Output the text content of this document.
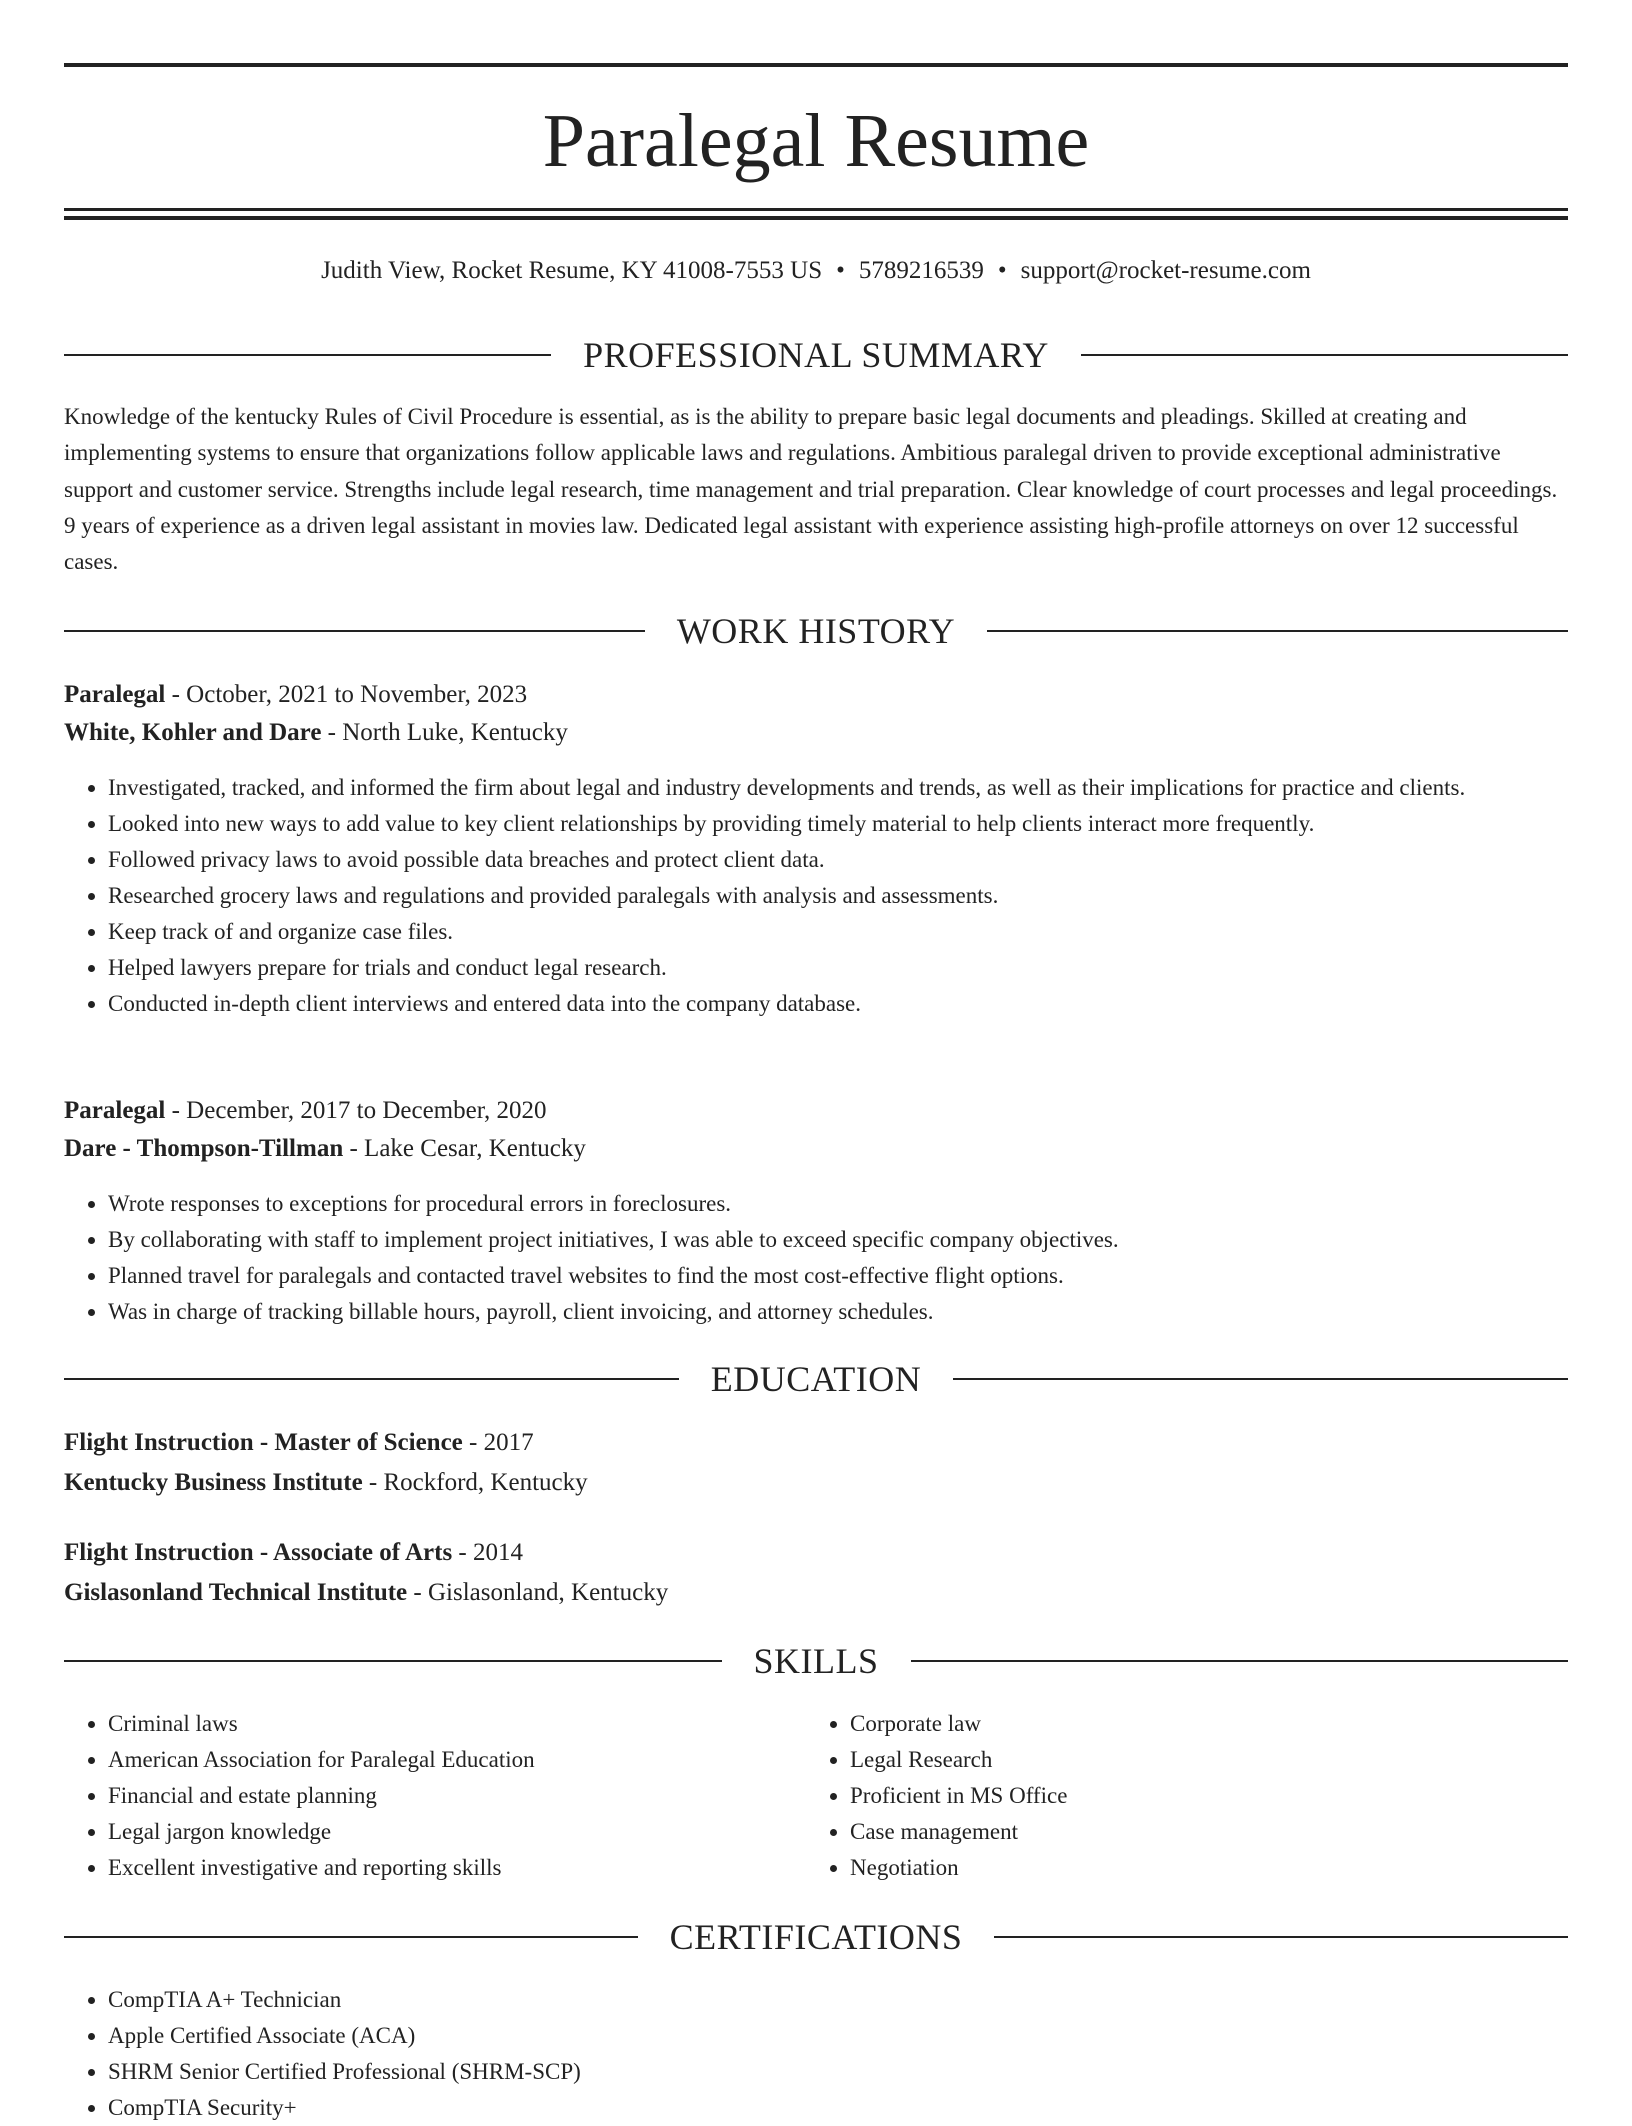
Paralegal Resume
Judith View, Rocket Resume, KY 41008-7553 US • 5789216539 • support@rocket-resume.com
PROFESSIONAL SUMMARY

Knowledge of the kentucky Rules of Civil Procedure is essential, as is the ability to prepare basic legal documents and pleadings. Skilled at creating and implementing systems to ensure that organizations follow applicable laws and regulations. Ambitious paralegal driven to provide exceptional administrative support and customer service. Strengths include legal research, time management and trial preparation. Clear knowledge of court processes and legal proceedings. 9 years of experience as a driven legal assistant in movies law. Dedicated legal assistant with experience assisting high-profile attorneys on over 12 successful cases.

WORK HISTORY
Paralegal - October, 2021 to November, 2023
White, Kohler and Dare - North Luke, Kentucky
• Investigated, tracked, and informed the firm about legal and industry developments and trends, as well as their implications for practice and clients.
• Looked into new ways to add value to key client relationships by providing timely material to help clients interact more frequently.
• Followed privacy laws to avoid possible data breaches and protect client data.
• Researched grocery laws and regulations and provided paralegals with analysis and assessments.
• Keep track of and organize case files.
• Helped lawyers prepare for trials and conduct legal research.
• Conducted in-depth client interviews and entered data into the company database.
Paralegal - December, 2017 to December, 2020
Dare - Thompson-Tillman - Lake Cesar, Kentucky
• Wrote responses to exceptions for procedural errors in foreclosures.
• By collaborating with staff to implement project initiatives, I was able to exceed specific company objectives.
• Planned travel for paralegals and contacted travel websites to find the most cost-effective flight options.
• Was in charge of tracking billable hours, payroll, client invoicing, and attorney schedules.
EDUCATION
Flight Instruction - Master of Science - 2017
Kentucky Business Institute - Rockford, Kentucky
Flight Instruction - Associate of Arts - 2014
Gislasonland Technical Institute - Gislasonland, Kentucky
SKILLS
• Criminal laws
• American Association for Paralegal Education
• Financial and estate planning
• Legal jargon knowledge
• Excellent investigative and reporting skills
• Corporate law
• Legal Research
• Proficient in MS Office
• Case management
• Negotiation
CERTIFICATIONS
• CompTIA A+ Technician
• Apple Certified Associate (ACA)
• SHRM Senior Certified Professional (SHRM-SCP)
• CompTIA Security+
